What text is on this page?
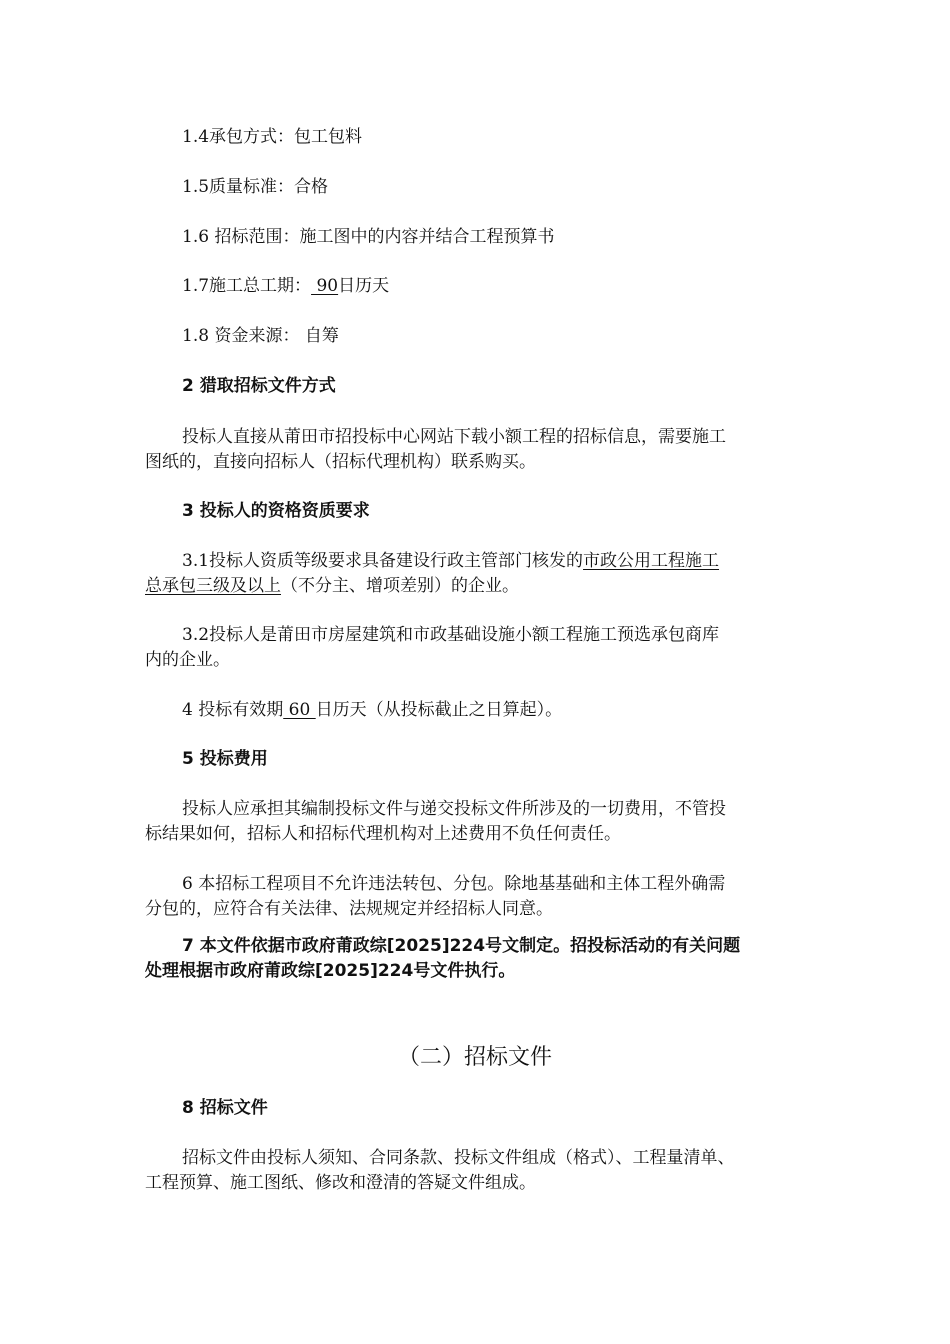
1.4承包方式：包工包料
1.5质量标准：合格
1.6 招标范围：施工图中的内容并结合工程预算书
1.7施工总工期： 90日历天
1.8 资金来源： 自筹
2 猎取招标文件方式
投标人直接从莆田市招投标中心网站下载小额工程的招标信息，需要施工
图纸的，直接向招标人（招标代理机构）联系购买。
3 投标人的资格资质要求
3.1投标人资质等级要求具备建设行政主管部门核发的市政公用工程施工
总承包三级及以上（不分主、增项差别）的企业。
3.2投标人是莆田市房屋建筑和市政基础设施小额工程施工预选承包商库
内的企业。
4 投标有效期 60 日历天（从投标截止之日算起）。
5 投标费用
投标人应承担其编制投标文件与递交投标文件所涉及的一切费用，不管投
标结果如何，招标人和招标代理机构对上述费用不负任何责任。
6 本招标工程项目不允许违法转包、分包。除地基基础和主体工程外确需
分包的，应符合有关法律、法规规定并经招标人同意。
7 本文件依据市政府莆政综[2025]224号文制定。招投标活动的有关问题
处理根据市政府莆政综[2025]224号文件执行。
（二）招标文件
8 招标文件
招标文件由投标人须知、合同条款、投标文件组成（格式）、工程量清单、
工程预算、施工图纸、修改和澄清的答疑文件组成。
